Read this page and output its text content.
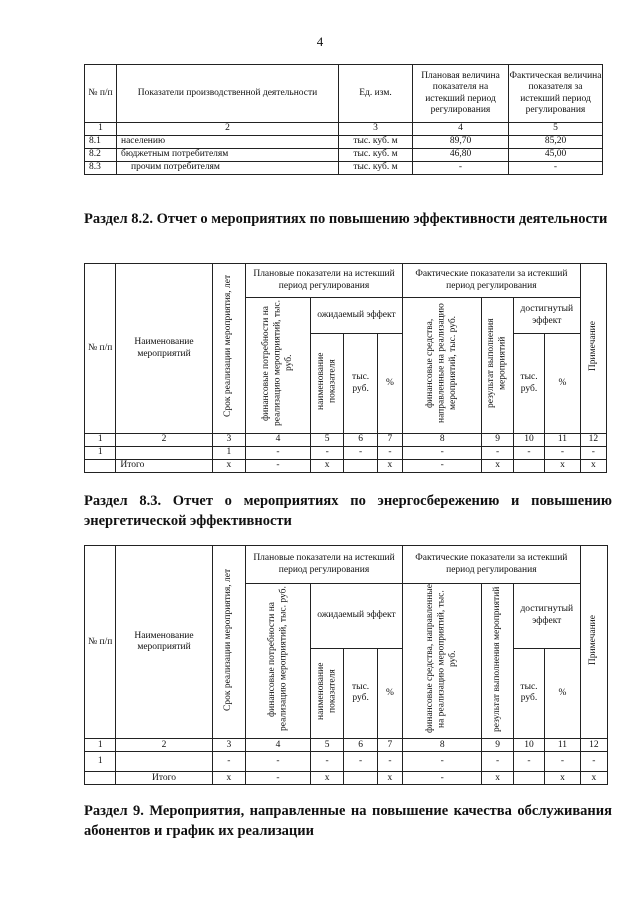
4
№ п/п	Показатели производственной деятельности	Ед. изм.	Плановая величина показателя на истекший период регулирования	Фактическая величина показателя за истекший период регулирования
1	2	3	4	5
8.1	населению	тыс. куб. м	89,70	85,20
8.2	бюджетным потребителям	тыс. куб. м	46,80	45,00
8.3	прочим потребителям	тыс. куб. м	-	-
Раздел 8.2. Отчет о мероприятиях по повышению эффективности деятельности
№ п/п	Наименование мероприятий	Срок реализации мероприятия, лет	Плановые показатели на истекший период регулирования				Фактические показатели за истекший период регулирования				Примечание
			финансовые потребности на реализацию мероприятий, тыс. руб.	ожидаемый эффект			финансовые средства, направленные на реализацию мероприятий, тыс. руб.	результат выполнения мероприятий	достигнутый эффект		
				наименование показателя	тыс. руб.	%			тыс. руб.	%	
1	2	3	4	5	6	7	8	9	10	11	12
1		1	-	-	-	-	-	-	-	-	-
	Итого	x	-	x		x	-	x		x	x
Раздел 8.3. Отчет о мероприятиях по энергосбережению и повышению энергетической эффективности
№ п/п	Наименование мероприятий	Срок реализации мероприятия, лет	Плановые показатели на истекший период регулирования				Фактические показатели за истекший период регулирования				Примечание
			финансовые потребности на реализацию мероприятий, тыс. руб.	ожидаемый эффект			финансовые средства, направленные на реализацию мероприятий, тыс. руб.	результат выполнения мероприятий	достигнутый эффект		
				наименование показателя	тыс. руб.	%			тыс. руб.	%	
1	2	3	4	5	6	7	8	9	10	11	12
1		-	-	-	-	-	-	-	-	-	-
	Итого	x	-	x		x	-	x		x	x
Раздел 9. Мероприятия, направленные на повышение качества обслуживания абонентов и график их реализации
